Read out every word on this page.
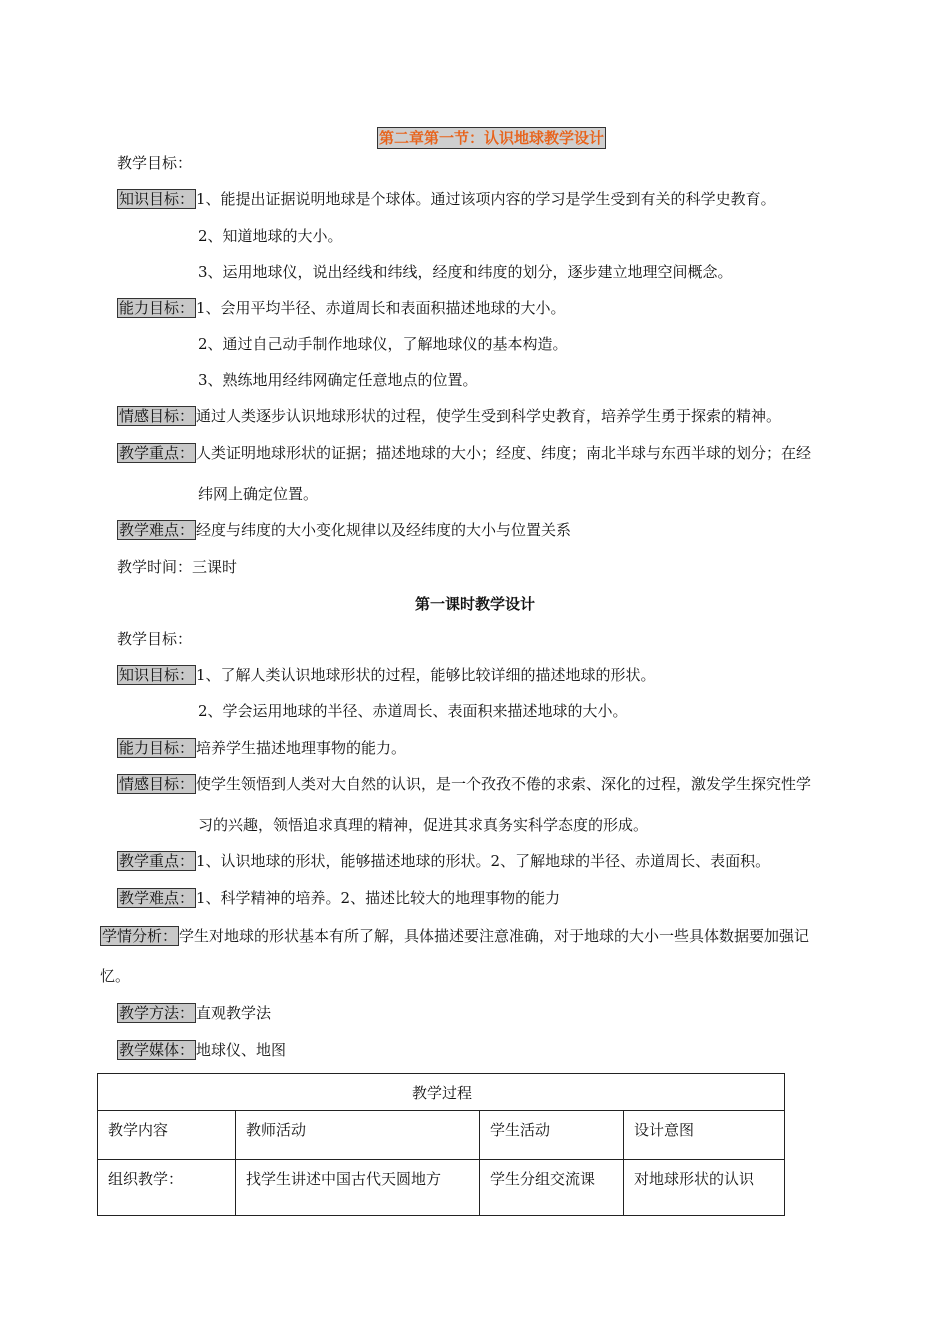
第二章第一节：认识地球教学设计
教学目标：
知识目标： 1、能提出证据说明地球是个球体。通过该项内容的学习是学生受到有关的科学史教育。
2、知道地球的大小。
3、运用地球仪，说出经线和纬线，经度和纬度的划分，逐步建立地理空间概念。
能力目标： 1、会用平均半径、赤道周长和表面积描述地球的大小。
2、通过自己动手制作地球仪，了解地球仪的基本构造。
3、熟练地用经纬网确定任意地点的位置。
情感目标： 通过人类逐步认识地球形状的过程，使学生受到科学史教育，培养学生勇于探索的精神。
教学重点： 人类证明地球形状的证据；描述地球的大小；经度、纬度；南北半球与东西半球的划分；在经
纬网上确定位置。
教学难点： 经度与纬度的大小变化规律以及经纬度的大小与位置关系
教学时间：三课时
第一课时教学设计
教学目标：
知识目标： 1、了解人类认识地球形状的过程，能够比较详细的描述地球的形状。
2、学会运用地球的半径、赤道周长、表面积来描述地球的大小。
能力目标： 培养学生描述地理事物的能力。
情感目标： 使学生领悟到人类对大自然的认识，是一个孜孜不倦的求索、深化的过程，激发学生探究性学
习的兴趣，领悟追求真理的精神，促进其求真务实科学态度的形成。
教学重点： 1、认识地球的形状，能够描述地球的形状。2、了解地球的半径、赤道周长、表面积。
教学难点： 1、科学精神的培养。2、描述比较大的地理事物的能力
学情分析： 学生对地球的形状基本有所了解，具体描述要注意准确，对于地球的大小一些具体数据要加强记
忆。
教学方法： 直观教学法
教学媒体： 地球仪、地图
教学过程			
教学内容	教师活动	学生活动	设计意图
组织教学：	找学生讲述中国古代天圆地方	学生分组交流课	对地球形状的认识
